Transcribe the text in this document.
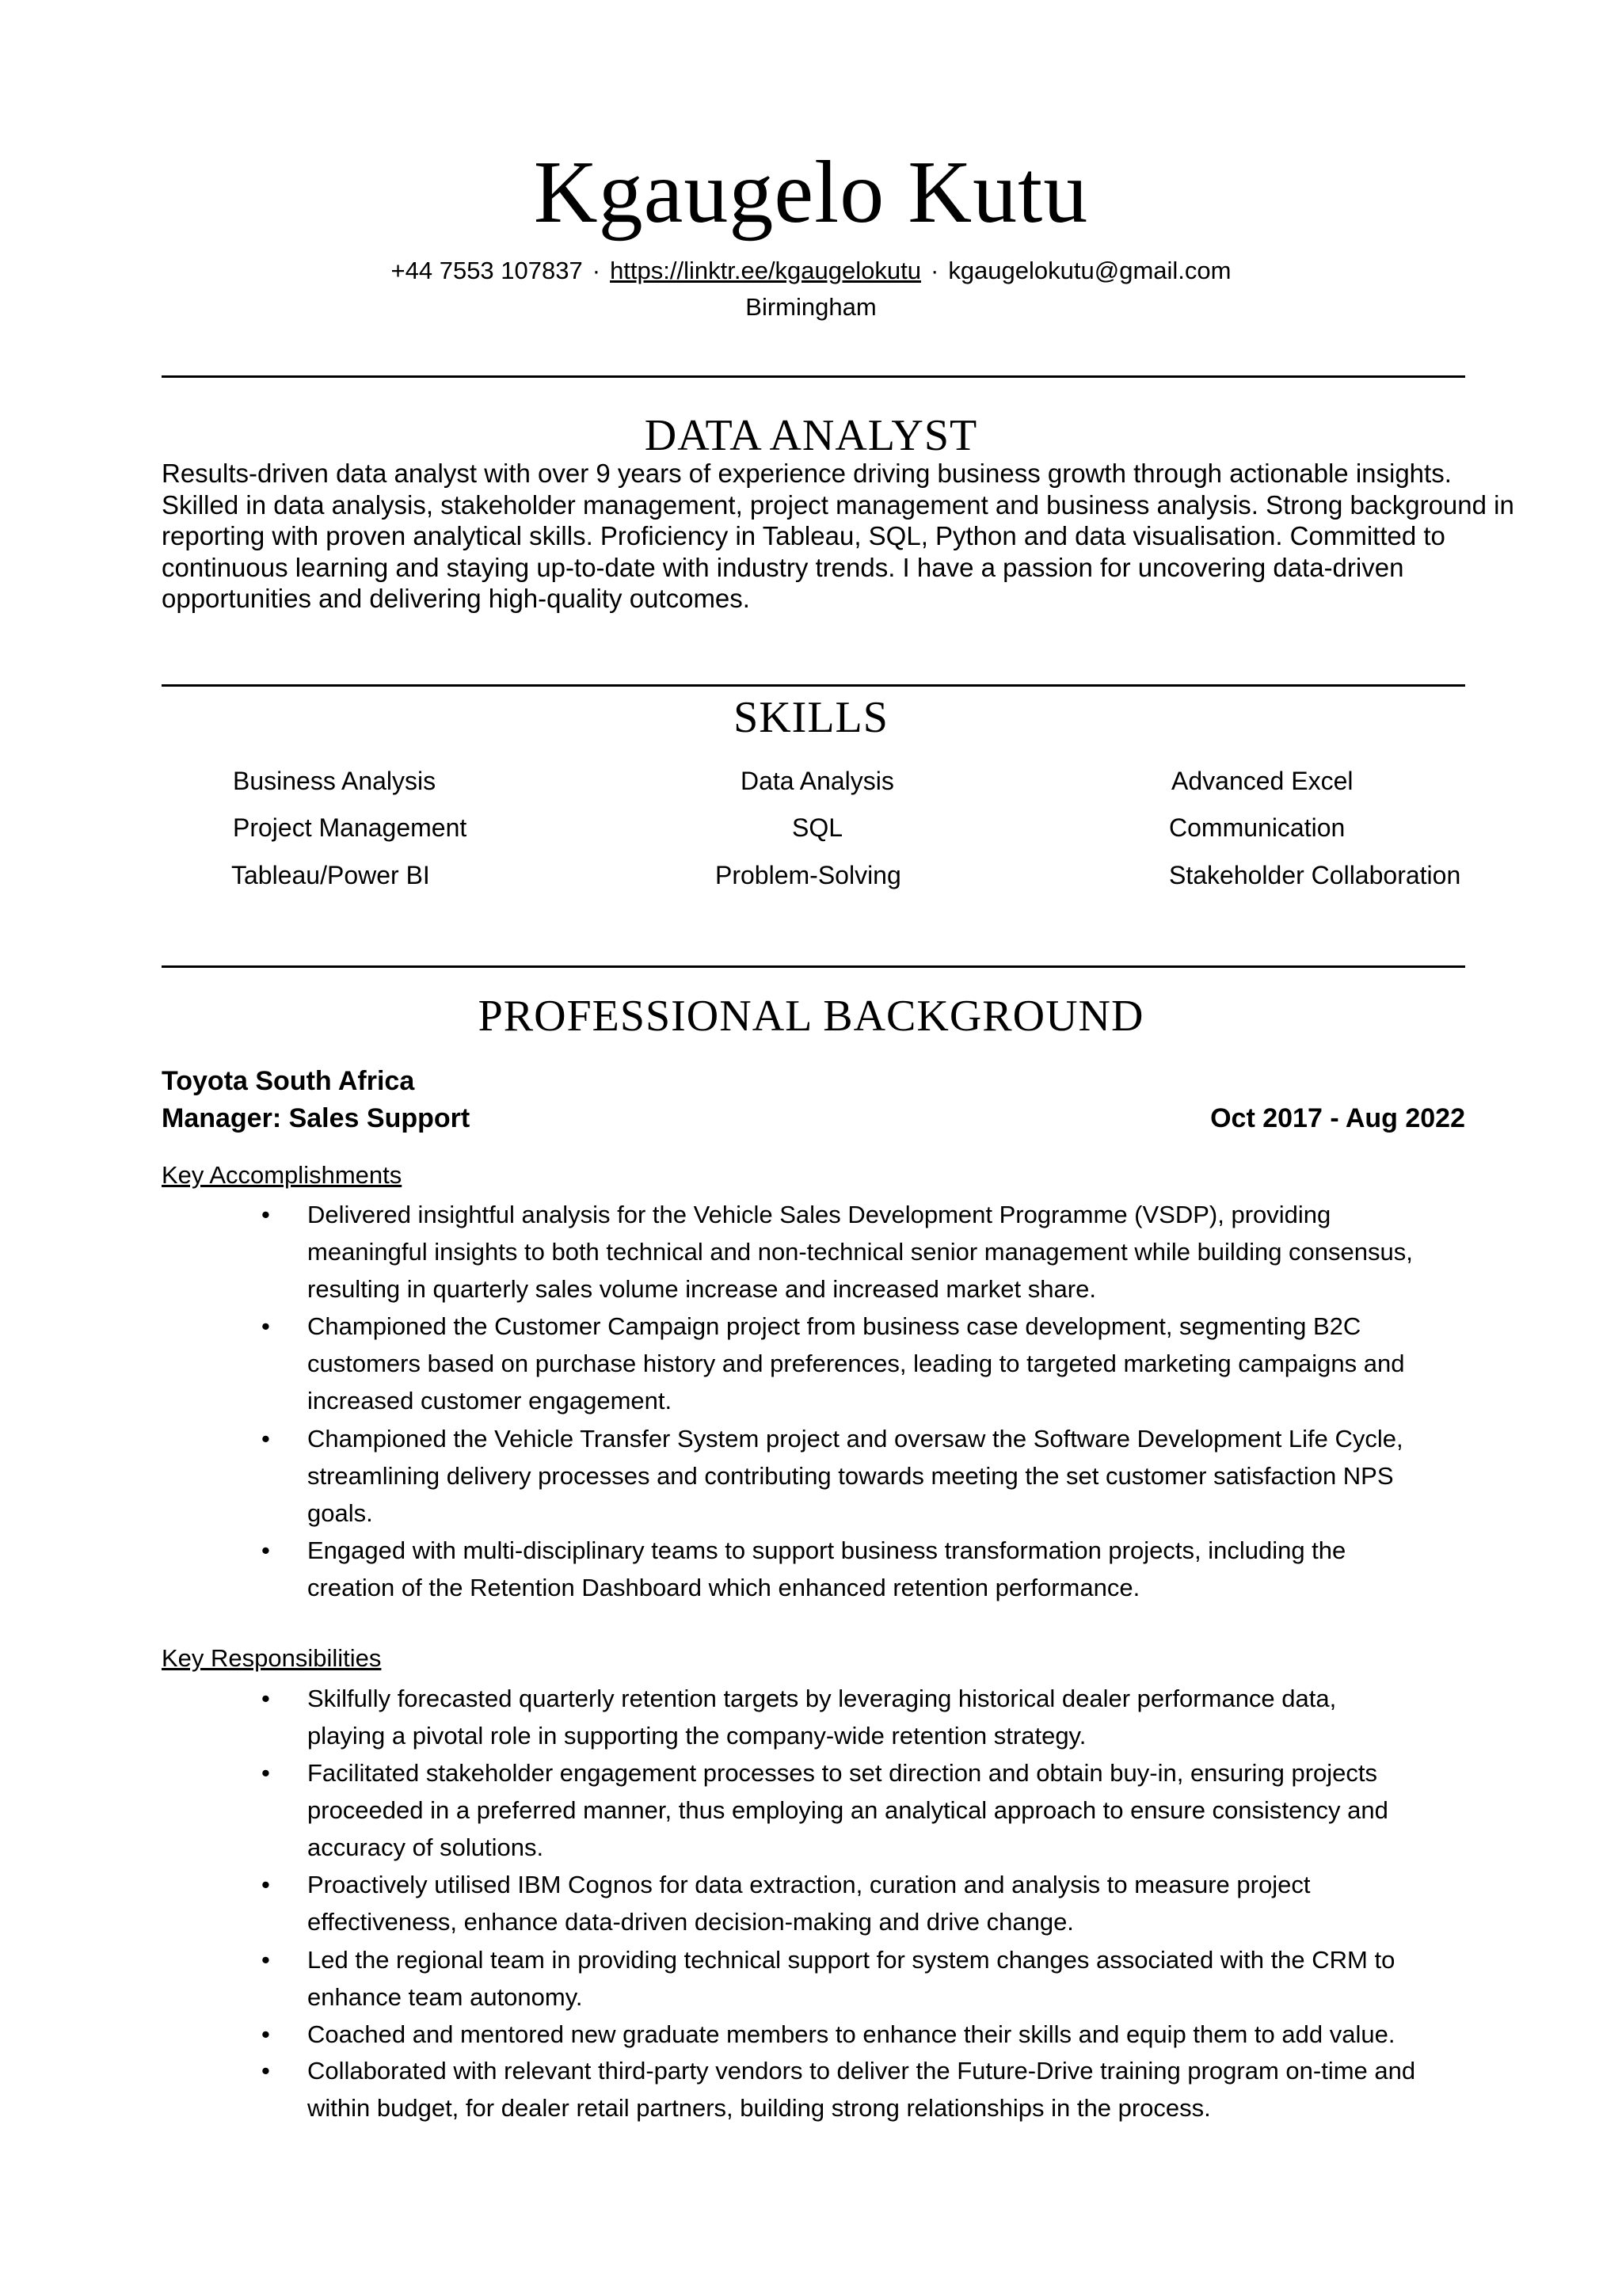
Kgaugelo Kutu
+44 7553 107837 · https://linktr.ee/kgaugelokutu · kgaugelokutu@gmail.com
Birmingham
DATA ANALYST

Results-driven data analyst with over 9 years of experience driving business growth through actionable insights. Skilled in data analysis, stakeholder management, project management and business analysis. Strong background in reporting with proven analytical skills. Proficiency in Tableau, SQL, Python and data visualisation. Committed to continuous learning and staying up-to-date with industry trends. I have a passion for uncovering data-driven opportunities and delivering high-quality outcomes.

SKILLS
Business Analysis	Data Analysis	Advanced Excel
Project Management	SQL	Communication
Tableau/Power BI	Problem-Solving	Stakeholder Collaboration
PROFESSIONAL BACKGROUND
Toyota South Africa
Manager: Sales Support	Oct 2017 - Aug 2022
Key Accomplishments
• Delivered insightful analysis for the Vehicle Sales Development Programme (VSDP), providing meaningful insights to both technical and non-technical senior management while building consensus, resulting in quarterly sales volume increase and increased market share.
• Championed the Customer Campaign project from business case development, segmenting B2C customers based on purchase history and preferences, leading to targeted marketing campaigns and increased customer engagement.
• Championed the Vehicle Transfer System project and oversaw the Software Development Life Cycle, streamlining delivery processes and contributing towards meeting the set customer satisfaction NPS goals.
• Engaged with multi-disciplinary teams to support business transformation projects, including the creation of the Retention Dashboard which enhanced retention performance.
Key Responsibilities
• Skilfully forecasted quarterly retention targets by leveraging historical dealer performance data, playing a pivotal role in supporting the company-wide retention strategy.
• Facilitated stakeholder engagement processes to set direction and obtain buy-in, ensuring projects proceeded in a preferred manner, thus employing an analytical approach to ensure consistency and accuracy of solutions.
• Proactively utilised IBM Cognos for data extraction, curation and analysis to measure project effectiveness, enhance data-driven decision-making and drive change.
• Led the regional team in providing technical support for system changes associated with the CRM to enhance team autonomy.
• Coached and mentored new graduate members to enhance their skills and equip them to add value.
• Collaborated with relevant third-party vendors to deliver the Future-Drive training program on-time and within budget, for dealer retail partners, building strong relationships in the process.
